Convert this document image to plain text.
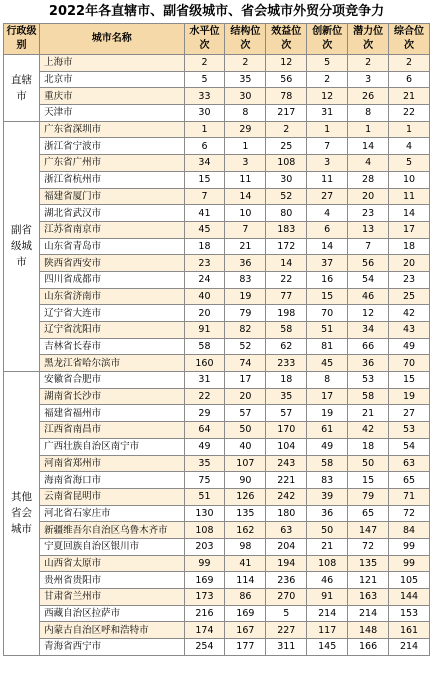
2022年各直辖市、副省级城市、省会城市外贸分项竞争力
行政级别	城市名称	水平位次	结构位次	效益位次	创新位次	潜力位次	综合位次
直辖市	上海市	2	2	12	5	2	2
	北京市	5	35	56	2	3	6
	重庆市	33	30	78	12	26	21
	天津市	30	8	217	31	8	22
副省级城市	广东省深圳市	1	29	2	1	1	1
	浙江省宁波市	6	1	25	7	14	4
	广东省广州市	34	3	108	3	4	5
	浙江省杭州市	15	11	30	11	28	10
	福建省厦门市	7	14	52	27	20	11
	湖北省武汉市	41	10	80	4	23	14
	江苏省南京市	45	7	183	6	13	17
	山东省青岛市	18	21	172	14	7	18
	陕西省西安市	23	36	14	37	56	20
	四川省成都市	24	83	22	16	54	23
	山东省济南市	40	19	77	15	46	25
	辽宁省大连市	20	79	198	70	12	42
	辽宁省沈阳市	91	82	58	51	34	43
	吉林省长春市	58	52	62	81	66	49
	黑龙江省哈尔滨市	160	74	233	45	36	70
其他省会城市	安徽省合肥市	31	17	18	8	53	15
	湖南省长沙市	22	20	35	17	58	19
	福建省福州市	29	57	57	19	21	27
	江西省南昌市	64	50	170	61	42	53
	广西壮族自治区南宁市	49	40	104	49	18	54
	河南省郑州市	35	107	243	58	50	63
	海南省海口市	75	90	221	83	15	65
	云南省昆明市	51	126	242	39	79	71
	河北省石家庄市	130	135	180	36	65	72
	新疆维吾尔自治区乌鲁木齐市	108	162	63	50	147	84
	宁夏回族自治区银川市	203	98	204	21	72	99
	山西省太原市	99	41	194	108	135	99
	贵州省贵阳市	169	114	236	46	121	105
	甘肃省兰州市	173	86	270	91	163	144
	西藏自治区拉萨市	216	169	5	214	214	153
	内蒙古自治区呼和浩特市	174	167	227	117	148	161
	青海省西宁市	254	177	311	145	166	214
